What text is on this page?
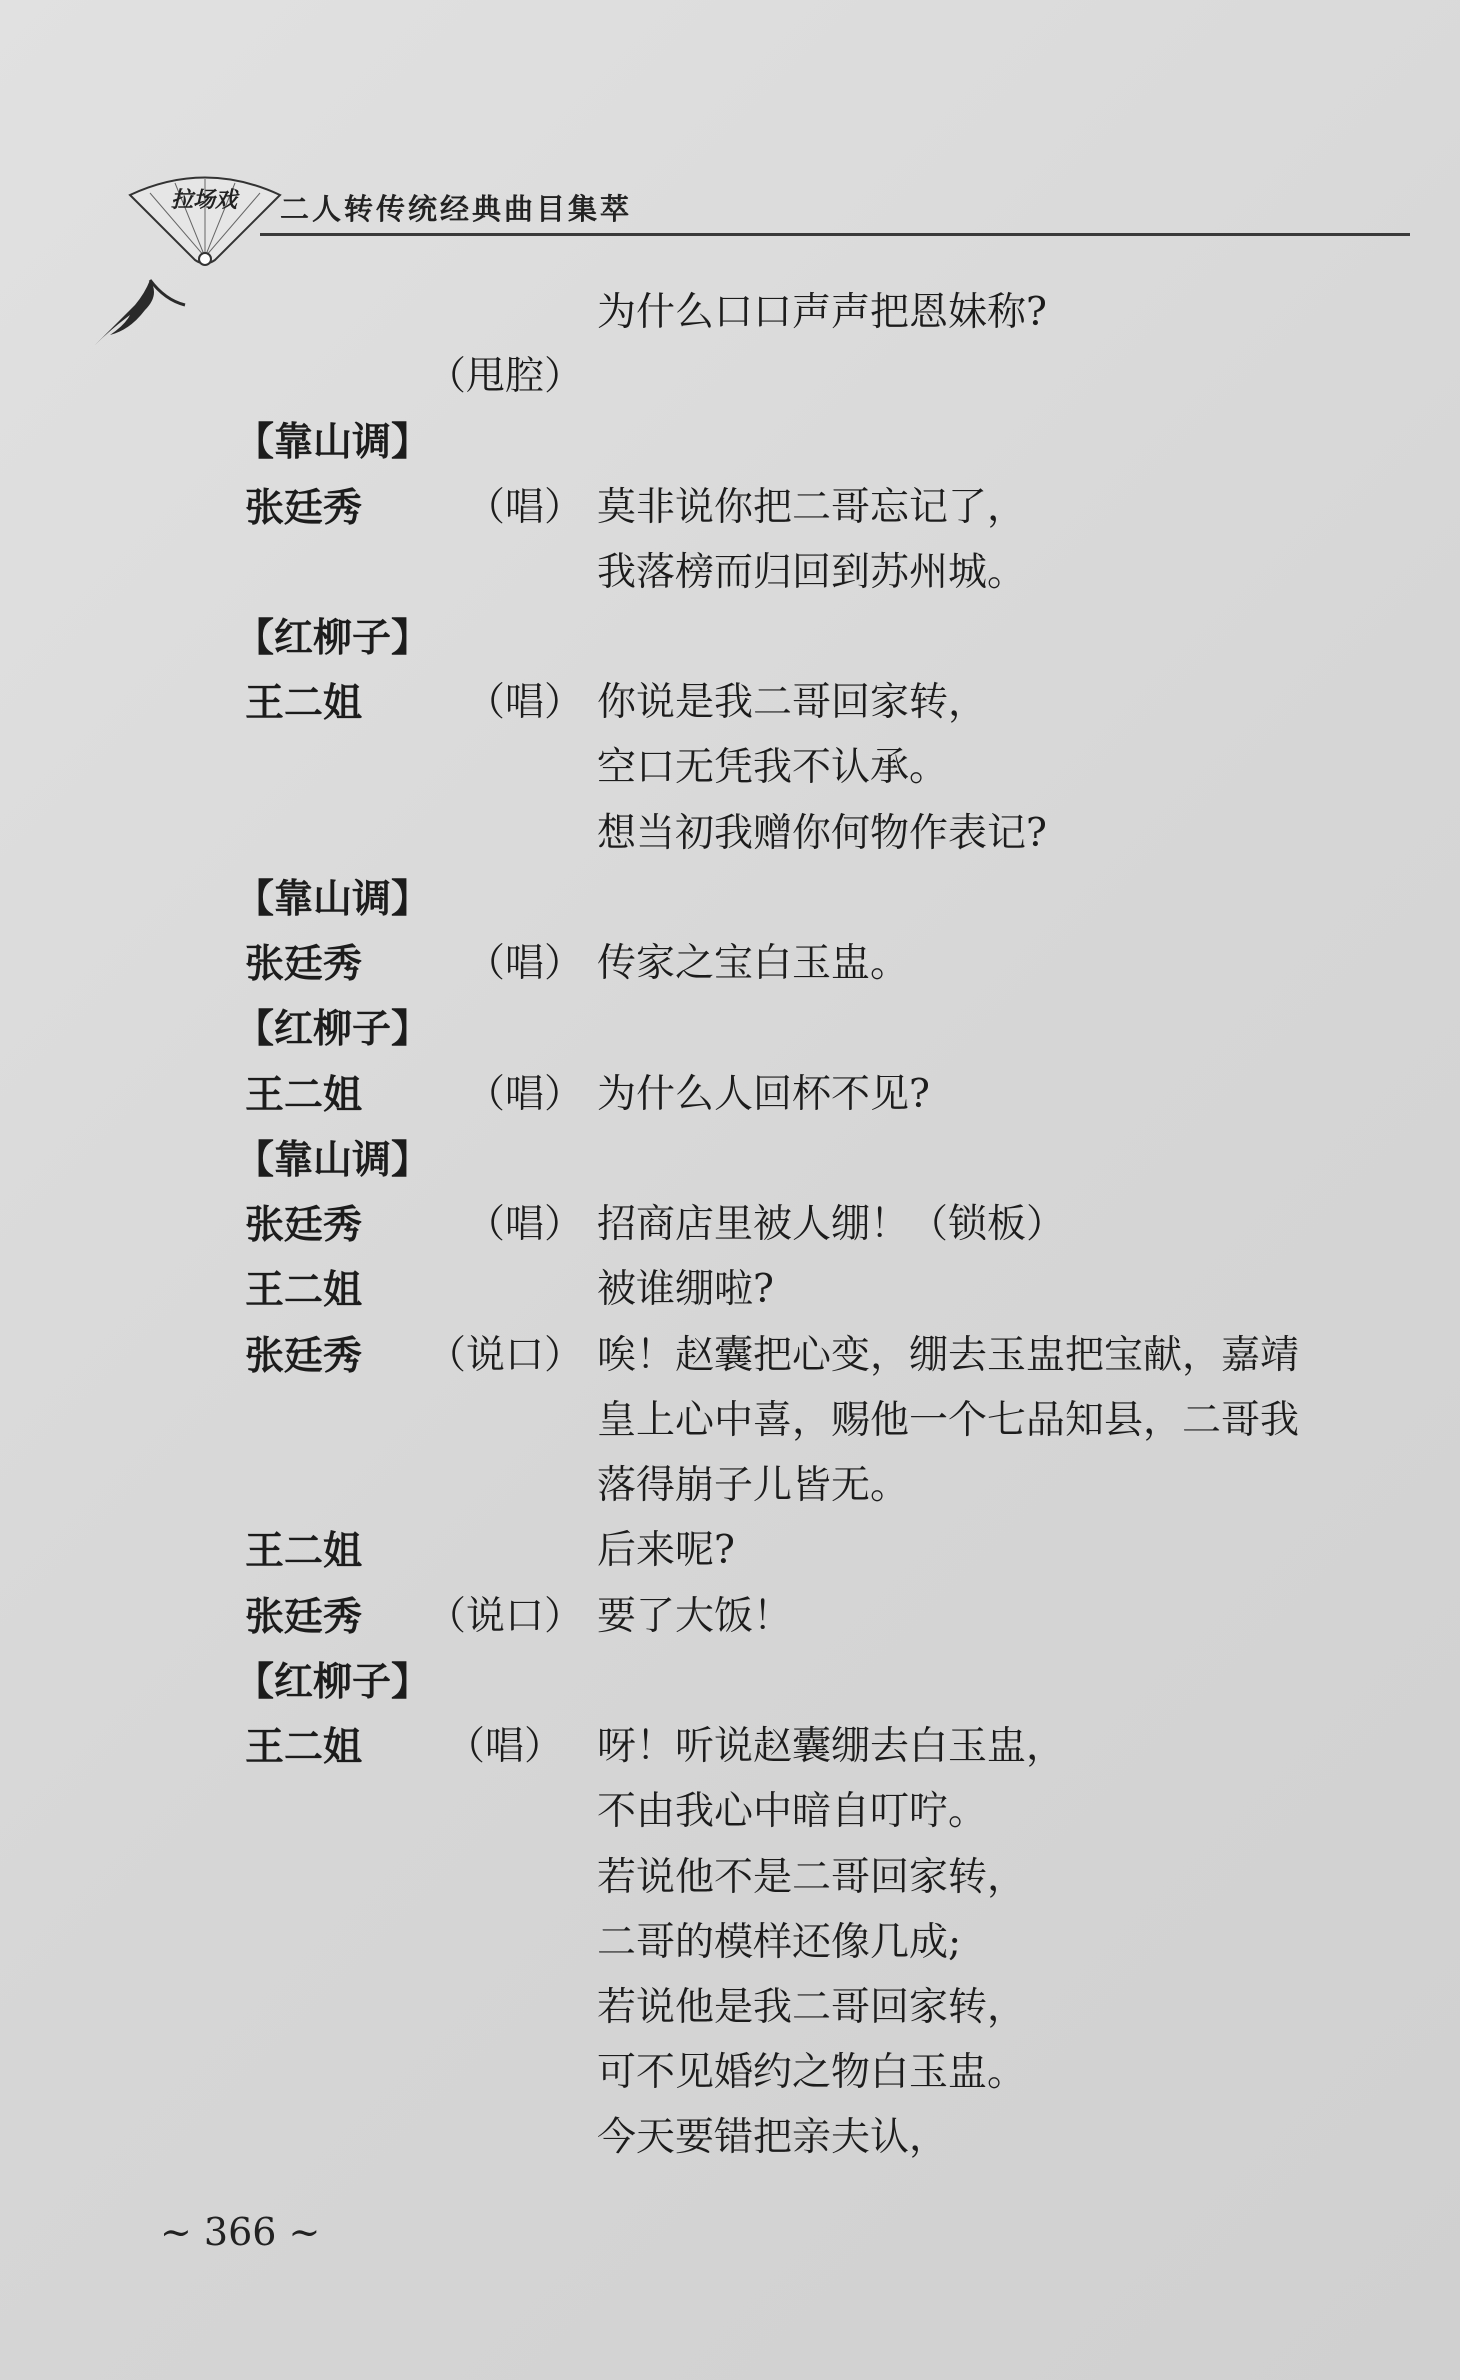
拉场戏	二人转传统经典曲目集萃
为什么口口声声把恩妹称?
（甩腔）
【靠山调】
张廷秀	（唱） 莫非说你把二哥忘记了，
我落榜而归回到苏州城。
【红柳子】
王二姐	（唱） 你说是我二哥回家转，
空口无凭我不认承。
想当初我赠你何物作表记?
【靠山调】
张廷秀	（唱） 传家之宝白玉盅。
【红柳子】
王二姐	（唱） 为什么人回杯不见?
【靠山调】
张廷秀	（唱） 招商店里被人绷！（锁板）
王二姐	被谁绷啦?
张廷秀 （说口） 唉！赵囊把心变，绷去玉盅把宝献，嘉靖
皇上心中喜，赐他一个七品知县，二哥我
落得崩子儿皆无。
王二姐	后来呢?
张廷秀 （说口） 要了大饭！
【红柳子】
王二姐 （唱） 呀！听说赵囊绷去白玉盅，
不由我心中暗自叮咛。
若说他不是二哥回家转，
二哥的模样还像几成;
若说他是我二哥回家转，
可不见婚约之物白玉盅。
今天要错把亲夫认，
~ 366 ~
